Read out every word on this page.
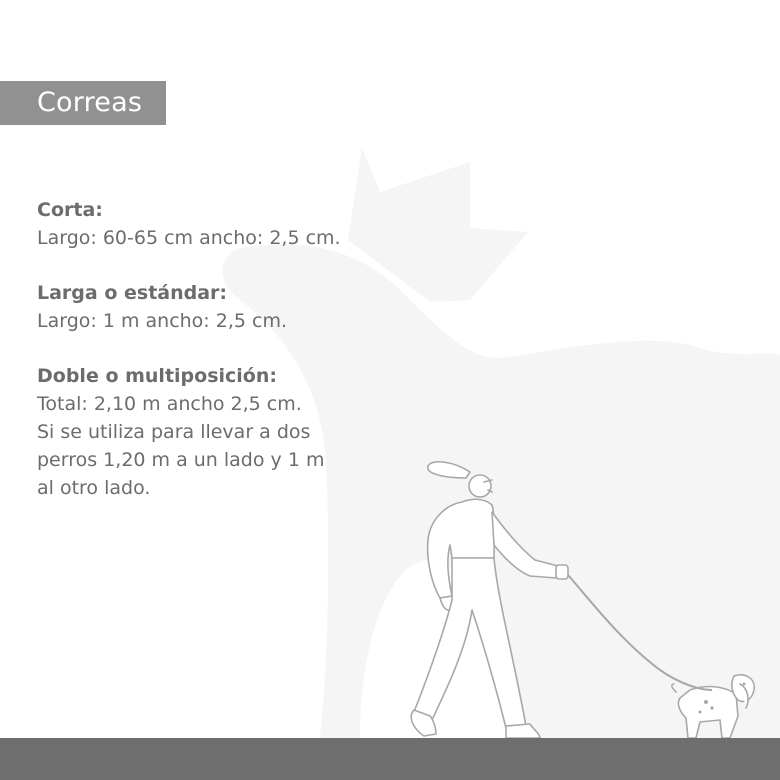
Correas
Corta:
Largo: 60-65 cm ancho: 2,5 cm.
Larga o estándar:
Largo: 1 m ancho: 2,5 cm.
Doble o multiposición:
Total: 2,10 m ancho 2,5 cm.
Si se utiliza para llevar a dos
perros 1,20 m a un lado y 1 m
al otro lado.
